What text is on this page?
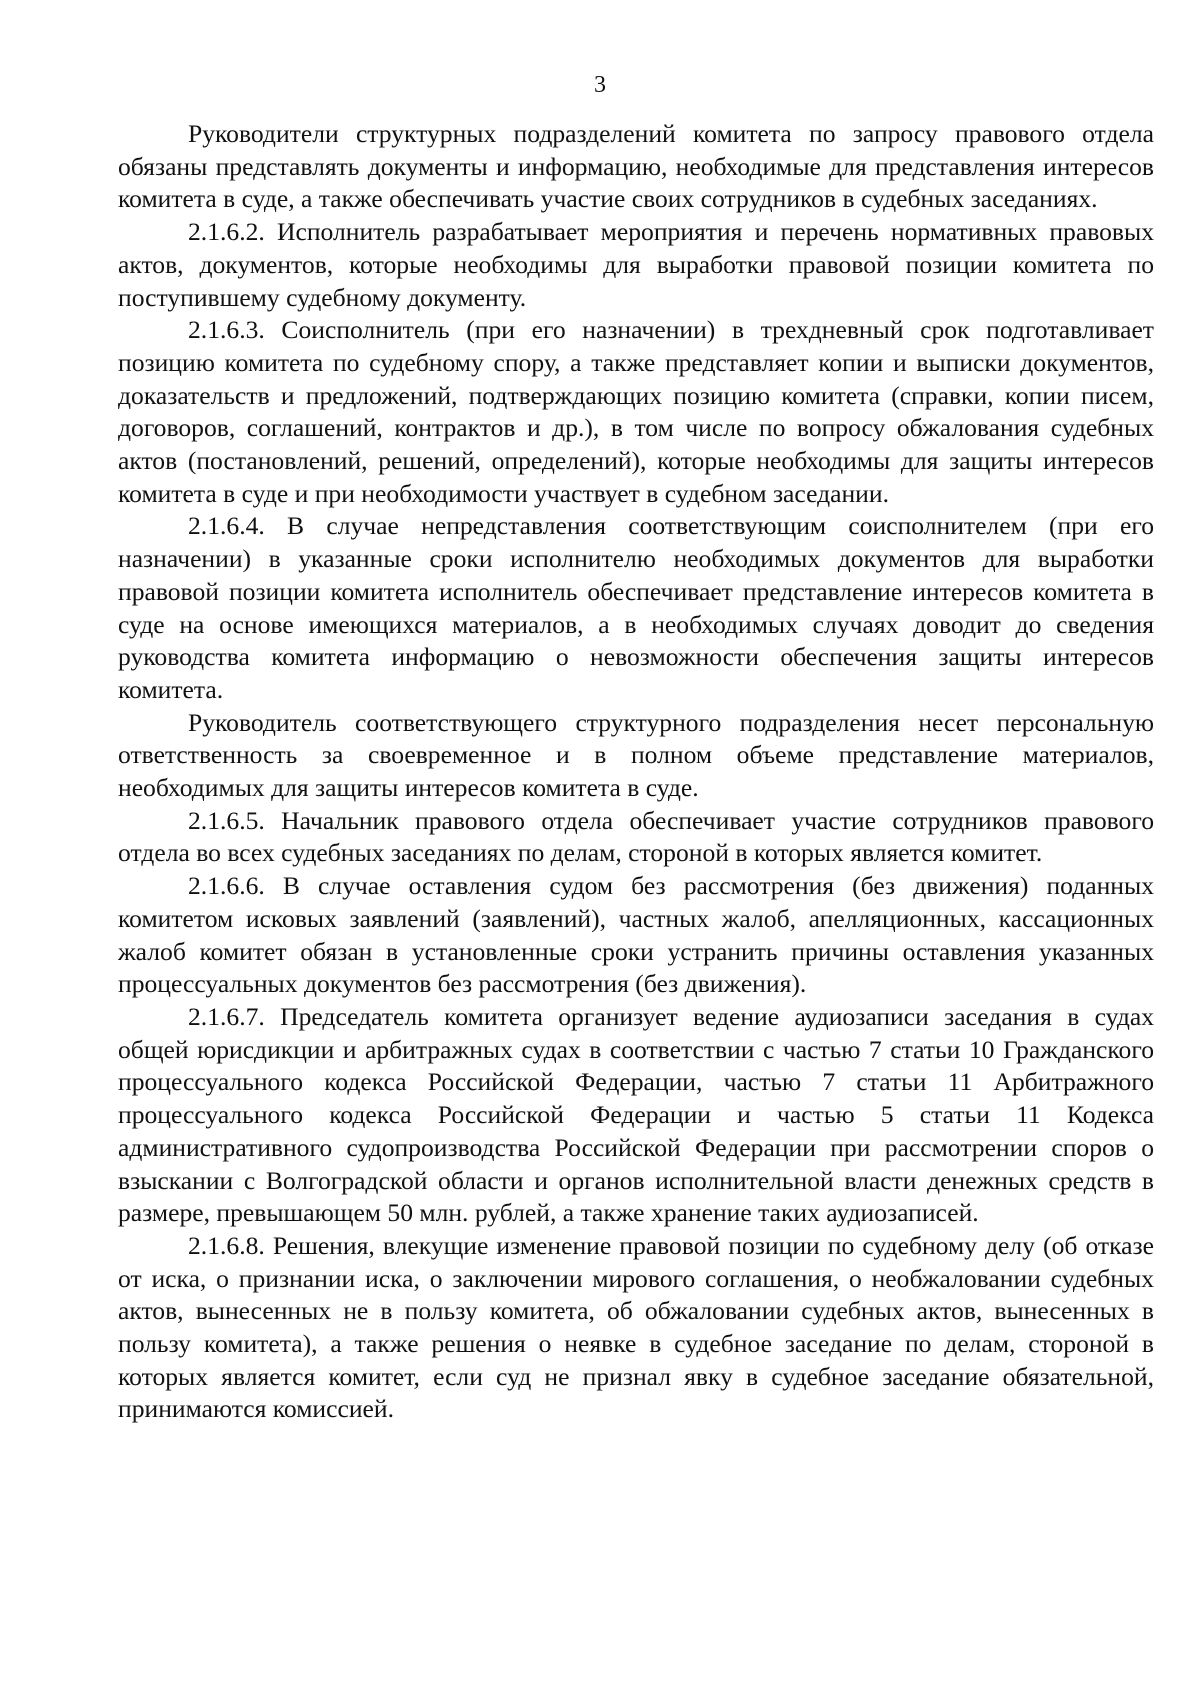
3

Руководители структурных подразделений комитета по запросу правового отдела обязаны представлять документы и информацию, необходимые для представления интересов комитета в суде, а также обеспечивать участие своих сотрудников в судебных заседаниях.

2.1.6.2. Исполнитель разрабатывает мероприятия и перечень нормативных правовых актов, документов, которые необходимы для выработки правовой позиции комитета по поступившему судебному документу.

2.1.6.3. Соисполнитель (при его назначении) в трехдневный срок подготавливает позицию комитета по судебному спору, а также представляет копии и выписки документов, доказательств и предложений, подтверждающих позицию комитета (справки, копии писем, договоров, соглашений, контрактов и др.), в том числе по вопросу обжалования судебных актов (постановлений, решений, определений), которые необходимы для защиты интересов комитета в суде и при необходимости участвует в судебном заседании.

2.1.6.4. В случае непредставления соответствующим соисполнителем (при его назначении) в указанные сроки исполнителю необходимых документов для выработки правовой позиции комитета исполнитель обеспечивает представление интересов комитета в суде на основе имеющихся материалов, а в необходимых случаях доводит до сведения руководства комитета информацию о невозможности обеспечения защиты интересов комитета.

Руководитель соответствующего структурного подразделения несет персональную ответственность за своевременное и в полном объеме представление материалов, необходимых для защиты интересов комитета в суде.

2.1.6.5. Начальник правового отдела обеспечивает участие сотрудников правового отдела во всех судебных заседаниях по делам, стороной в которых является комитет.

2.1.6.6. В случае оставления судом без рассмотрения (без движения) поданных комитетом исковых заявлений (заявлений), частных жалоб, апелляционных, кассационных жалоб комитет обязан в установленные сроки устранить причины оставления указанных процессуальных документов без рассмотрения (без движения).

2.1.6.7. Председатель комитета организует ведение аудиозаписи заседания в судах общей юрисдикции и арбитражных судах в соответствии с частью 7 статьи 10 Гражданского процессуального кодекса Российской Федерации, частью 7 статьи 11 Арбитражного процессуального кодекса Российской Федерации и частью 5 статьи 11 Кодекса административного судопроизводства Российской Федерации при рассмотрении споров о взыскании с Волгоградской области и органов исполнительной власти денежных средств в размере, превышающем 50 млн. рублей, а также хранение таких аудиозаписей.

2.1.6.8. Решения, влекущие изменение правовой позиции по судебному делу (об отказе от иска, о признании иска, о заключении мирового соглашения, о необжаловании судебных актов, вынесенных не в пользу комитета, об обжаловании судебных актов, вынесенных в пользу комитета), а также решения о неявке в судебное заседание по делам, стороной в которых является комитет, если суд не признал явку в судебное заседание обязательной, принимаются комиссией.
